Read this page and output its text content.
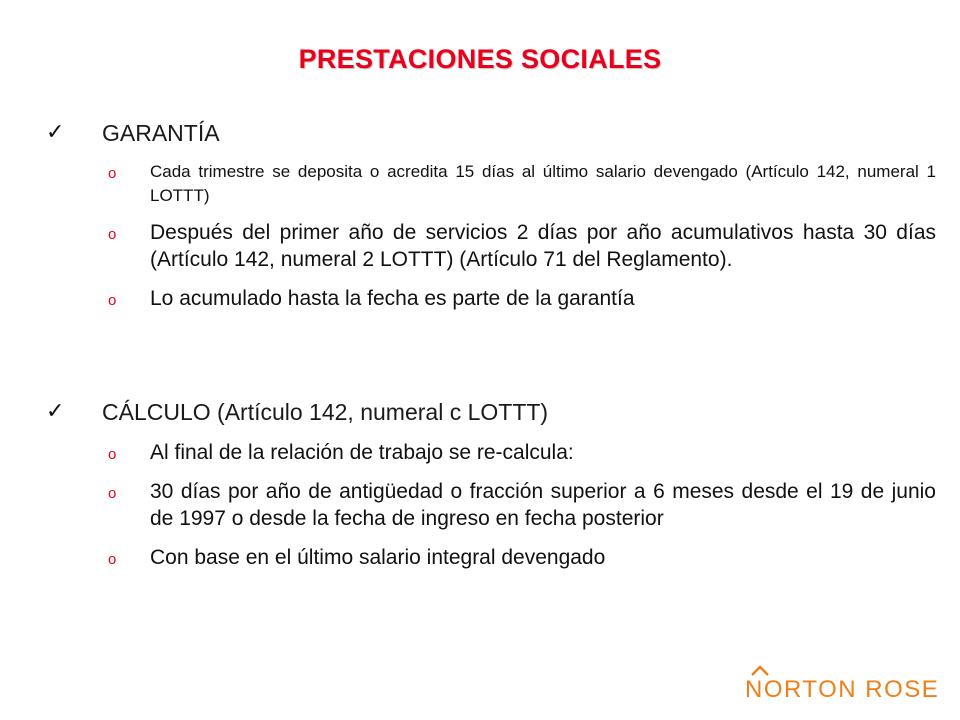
PRESTACIONES SOCIALES
✓ GARANTÍA
o Cada trimestre se deposita o acredita 15 días al último salario devengado (Artículo 142, numeral 1 LOTTT)
o Después del primer año de servicios 2 días por año acumulativos hasta 30 días (Artículo 142, numeral 2 LOTTT) (Artículo 71 del Reglamento).
o Lo acumulado hasta la fecha es parte de la garantía
✓ CÁLCULO (Artículo 142, numeral c LOTTT)
o Al final de la relación de trabajo se re-calcula:
o 30 días por año de antigüedad o fracción superior a 6 meses desde el 19 de junio de 1997 o desde la fecha de ingreso en fecha posterior
o Con base en el último salario integral devengado
NORTON ROSE
